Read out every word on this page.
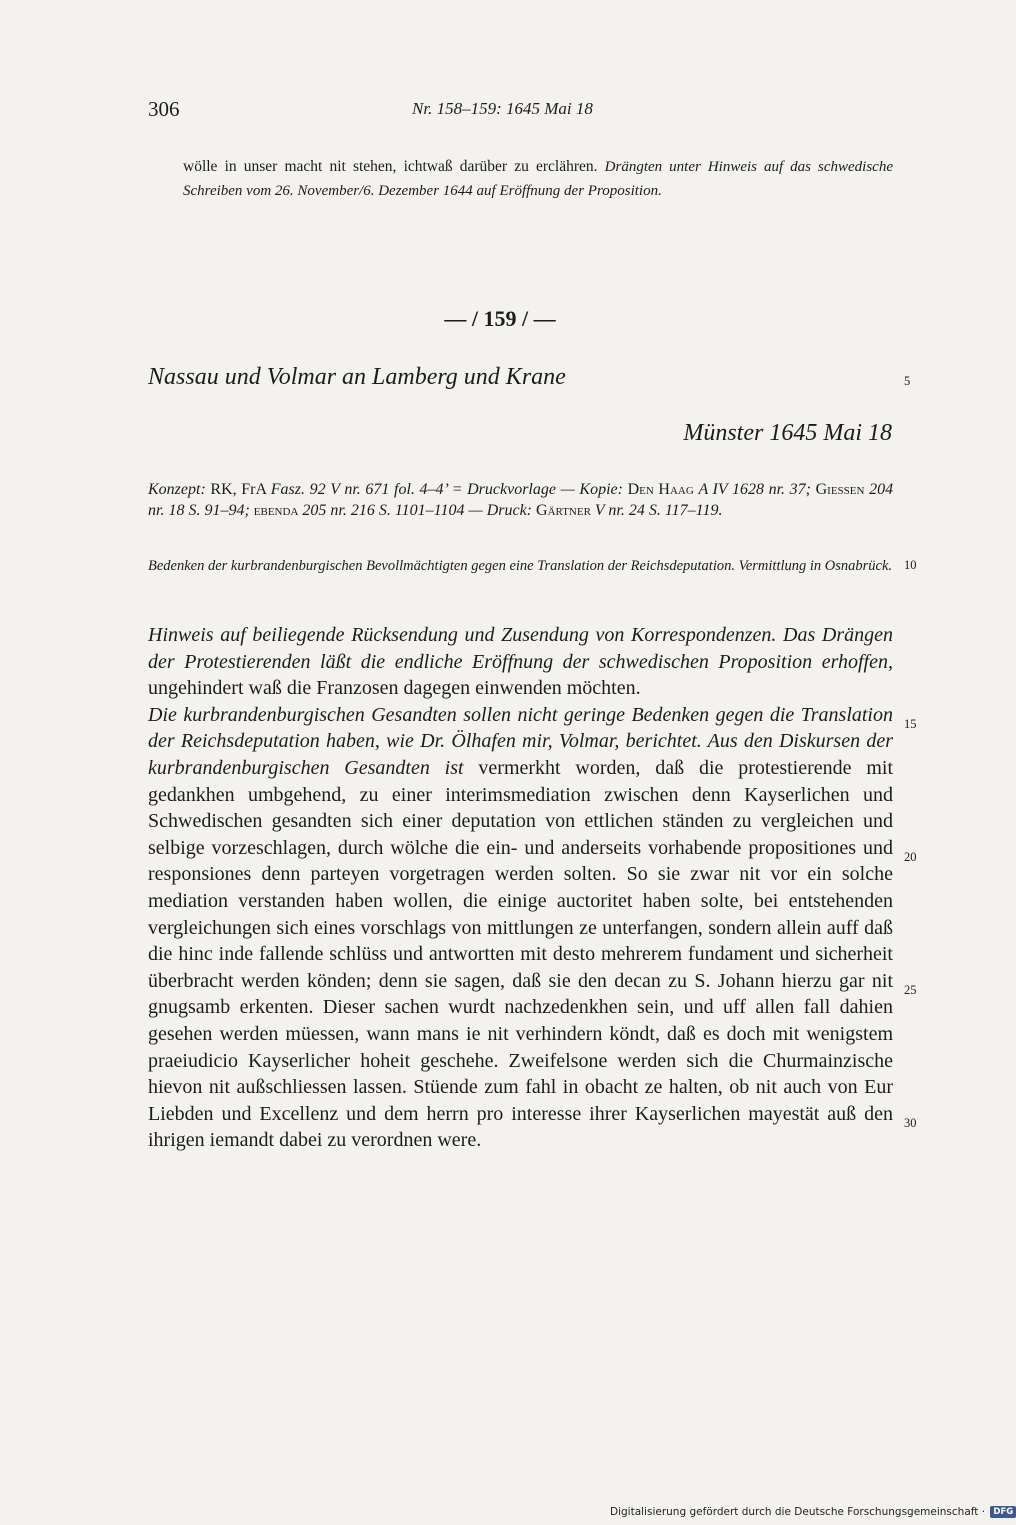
306	Nr. 158–159: 1645 Mai 18
wölle in unser macht nit stehen, ichtwaß darüber zu erclähren. Drängten unter Hinweis auf das schwedische Schreiben vom 26. November/6. Dezember 1644 auf Eröffnung der Proposition.
— / 159 / —
Nassau und Volmar an Lamberg und Krane	5
Münster 1645 Mai 18
Konzept: RK, FrA Fasz. 92 V nr. 671 fol. 4–4’ = Druckvorlage — Kopie: Den Haag A IV 1628 nr. 37; Giessen 204 nr. 18 S. 91–94; ebenda 205 nr. 216 S. 1101–1104 — Druck: Gärtner V nr. 24 S. 117–119.
Bedenken der kurbrandenburgischen Bevollmächtigten gegen eine Translation der Reichsdeputation. Vermittlung in Osnabrück. 10
Hinweis auf beiliegende Rücksendung und Zusendung von Korrespondenzen. Das Drängen der Protestierenden läßt die endliche Eröffnung der schwedischen Proposition erhoffen, ungehindert waß die Franzosen dagegen einwenden möchten.
Die kurbrandenburgischen Gesandten sollen nicht geringe Bedenken gegen die Translation der Reichsdeputation haben, wie Dr. Ölhafen mir, Volmar, berichtet. Aus den Diskursen der kurbrandenburgischen Gesandten ist vermerkht worden, daß die protestierende mit gedankhen umbgehend, zu einer interimsmediation zwischen denn Kayserlichen und Schwedischen gesandten sich einer deputation von ettlichen ständen zu vergleichen und selbige vorzeschlagen, durch wölche die ein- und anderseits vorhabende propositiones und responsiones denn parteyen vorgetragen werden solten. So sie zwar nit vor ein solche mediation verstanden haben wollen, die einige auctoritet haben solte, bei entstehenden vergleichungen sich eines vorschlags von mittlungen ze unterfangen, sondern allein auff daß die hinc inde fallende schlüss und antwortten mit desto mehrerem fundament und sicherheit überbracht werden könden; denn sie sagen, daß sie den decan zu S. Johann hierzu gar nit gnugsamb erkenten. Dieser sachen wurdt nachzedenkhen sein, und uff allen fall dahien gesehen werden müessen, wann mans ie nit verhindern köndt, daß es doch mit wenigstem praeiudicio Kayserlicher hoheit geschehe. Zweifelsone werden sich die Churmainzische hievon nit außschliessen lassen. Stüende zum fahl in obacht ze halten, ob nit auch von Eur Liebden und Excellenz und dem herrn pro interesse ihrer Kayserlichen mayestät auß den ihrigen iemandt dabei zu verordnen were.
15
20
25
30
Digitalisierung gefördert durch die Deutsche Forschungsgemeinschaft · DFG
